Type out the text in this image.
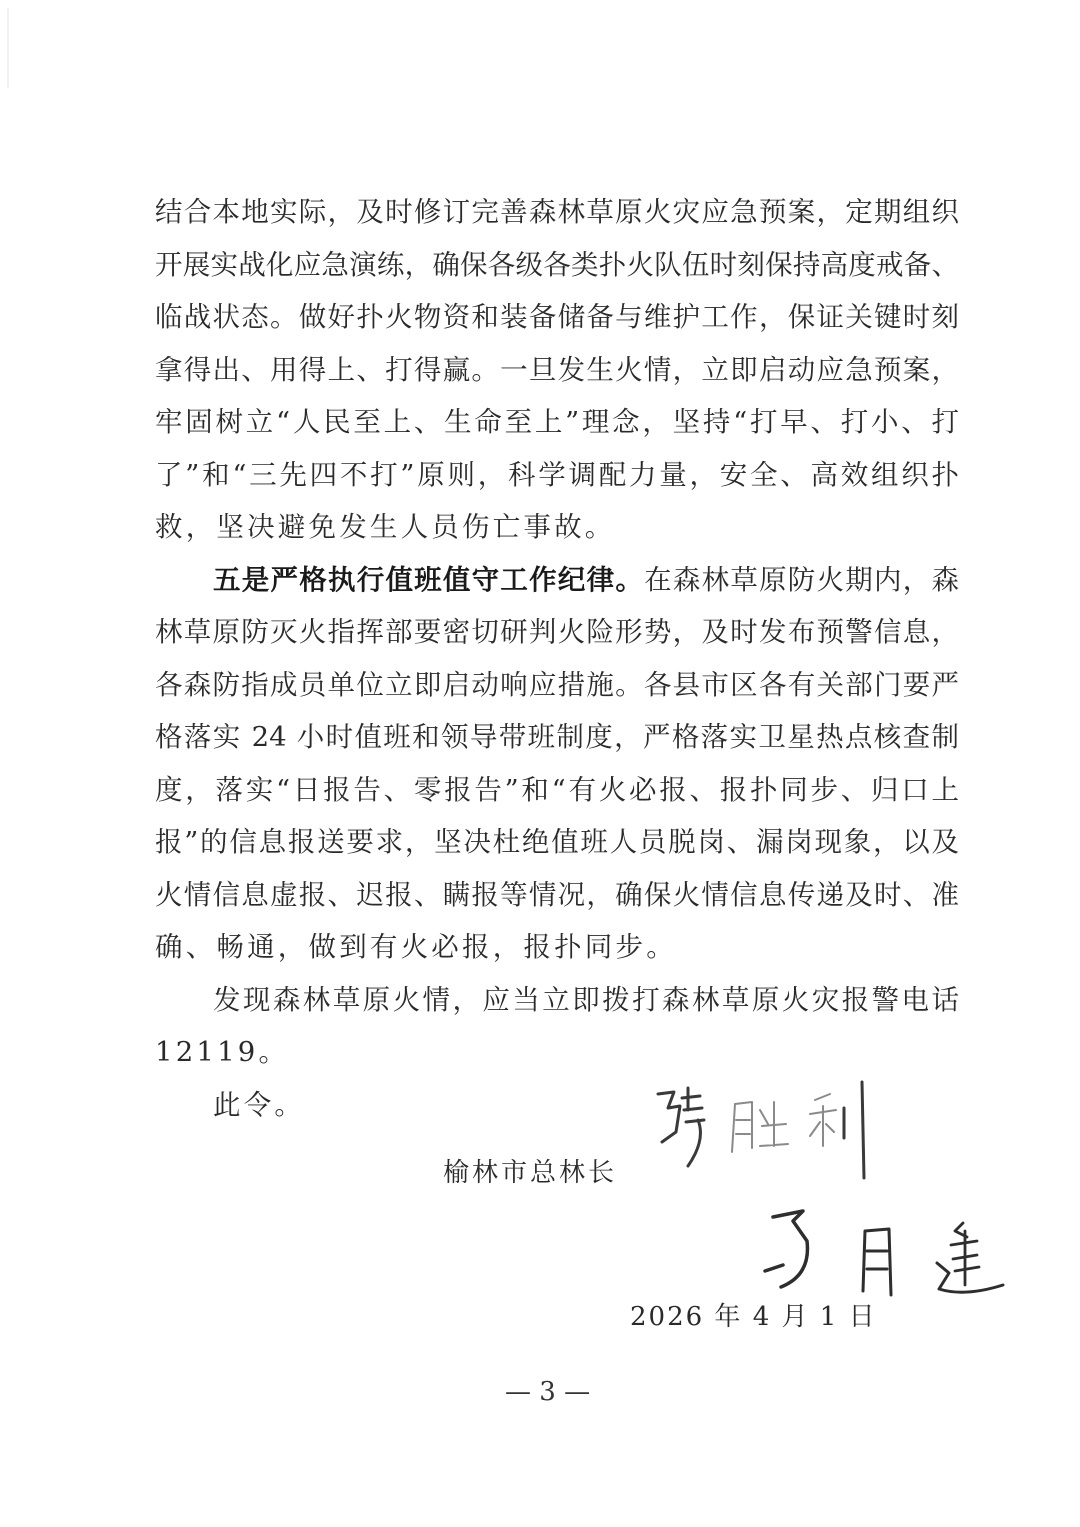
结合本地实际，及时修订完善森林草原火灾应急预案，定期组织
开展实战化应急演练，确保各级各类扑火队伍时刻保持高度戒备、
临战状态。做好扑火物资和装备储备与维护工作，保证关键时刻
拿得出、用得上、打得赢。一旦发生火情，立即启动应急预案，
牢固树立“人民至上、生命至上”理念，坚持“打早、打小、打
了”和“三先四不打”原则，科学调配力量，安全、高效组织扑
救，坚决避免发生人员伤亡事故。
五是严格执行值班值守工作纪律。在森林草原防火期内，森
林草原防灭火指挥部要密切研判火险形势，及时发布预警信息，
各森防指成员单位立即启动响应措施。各县市区各有关部门要严
格落实 24 小时值班和领导带班制度，严格落实卫星热点核查制
度，落实“日报告、零报告”和“有火必报、报扑同步、归口上
报”的信息报送要求，坚决杜绝值班人员脱岗、漏岗现象，以及
火情信息虚报、迟报、瞒报等情况，确保火情信息传递及时、准
确、畅通，做到有火必报，报扑同步。
发现森林草原火情，应当立即拨打森林草原火灾报警电话
12119。
此令。
榆林市总林长
2026 年 4 月 1 日
— 3 —
